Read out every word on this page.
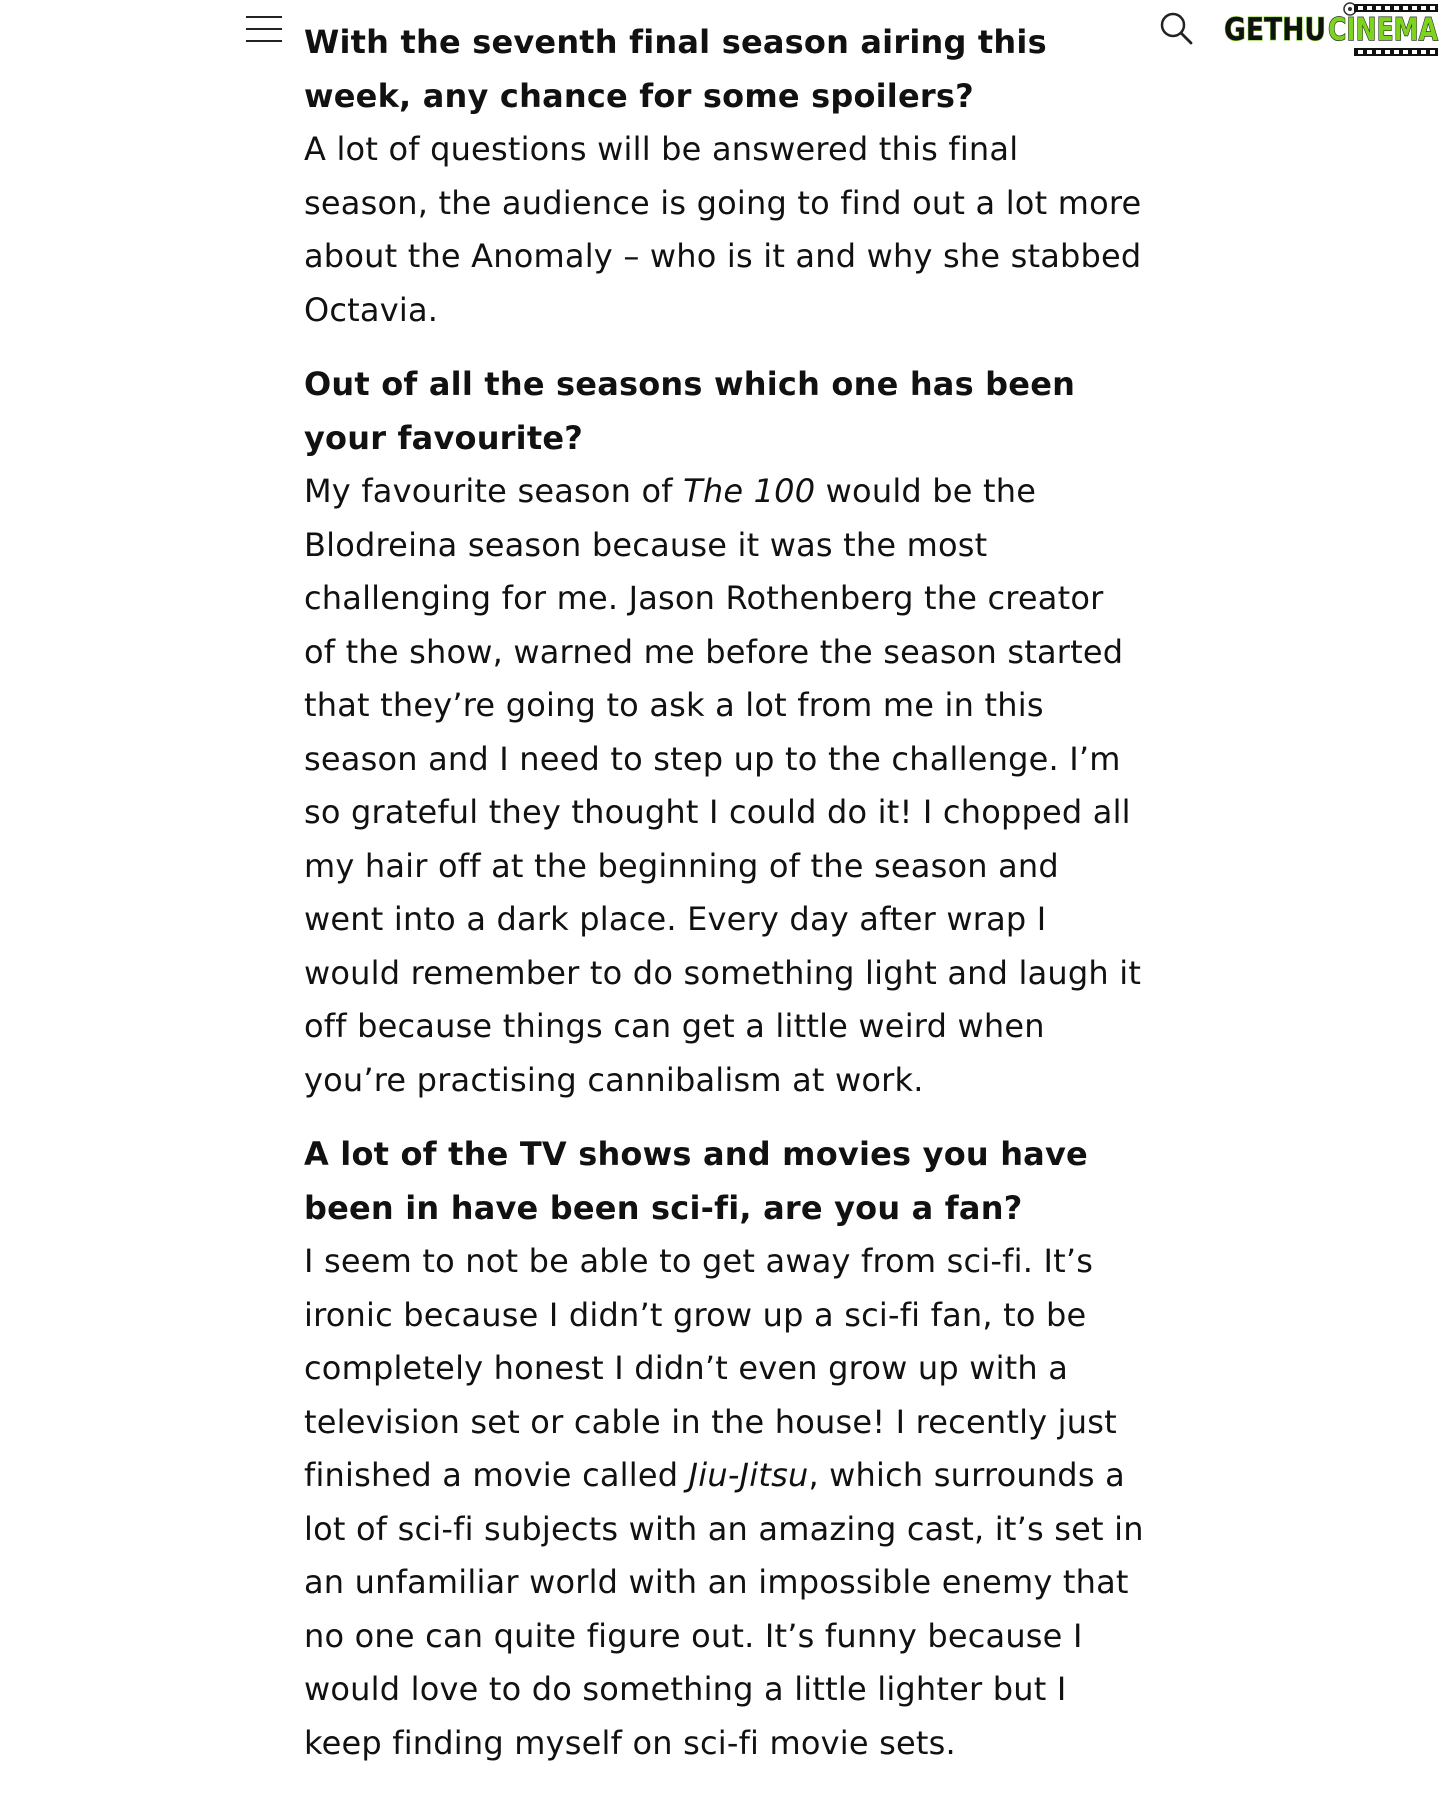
GETHU CINEMA

With the seventh final season airing this week, any chance for some spoilers?

A lot of questions will be answered this final season, the audience is going to find out a lot more about the Anomaly – who is it and why she stabbed Octavia.

Out of all the seasons which one has been your favourite?

My favourite season of The 100 would be the Blodreina season because it was the most challenging for me. Jason Rothenberg the creator of the show, warned me before the season started that they’re going to ask a lot from me in this season and I need to step up to the challenge. I’m so grateful they thought I could do it! I chopped all my hair off at the beginning of the season and went into a dark place. Every day after wrap I would remember to do something light and laugh it off because things can get a little weird when you’re practising cannibalism at work.

A lot of the TV shows and movies you have been in have been sci-fi, are you a fan?

I seem to not be able to get away from sci-fi. It’s ironic because I didn’t grow up a sci-fi fan, to be completely honest I didn’t even grow up with a television set or cable in the house! I recently just finished a movie called Jiu-Jitsu, which surrounds a lot of sci-fi subjects with an amazing cast, it’s set in an unfamiliar world with an impossible enemy that no one can quite figure out. It’s funny because I would love to do something a little lighter but I keep finding myself on sci-fi movie sets.
